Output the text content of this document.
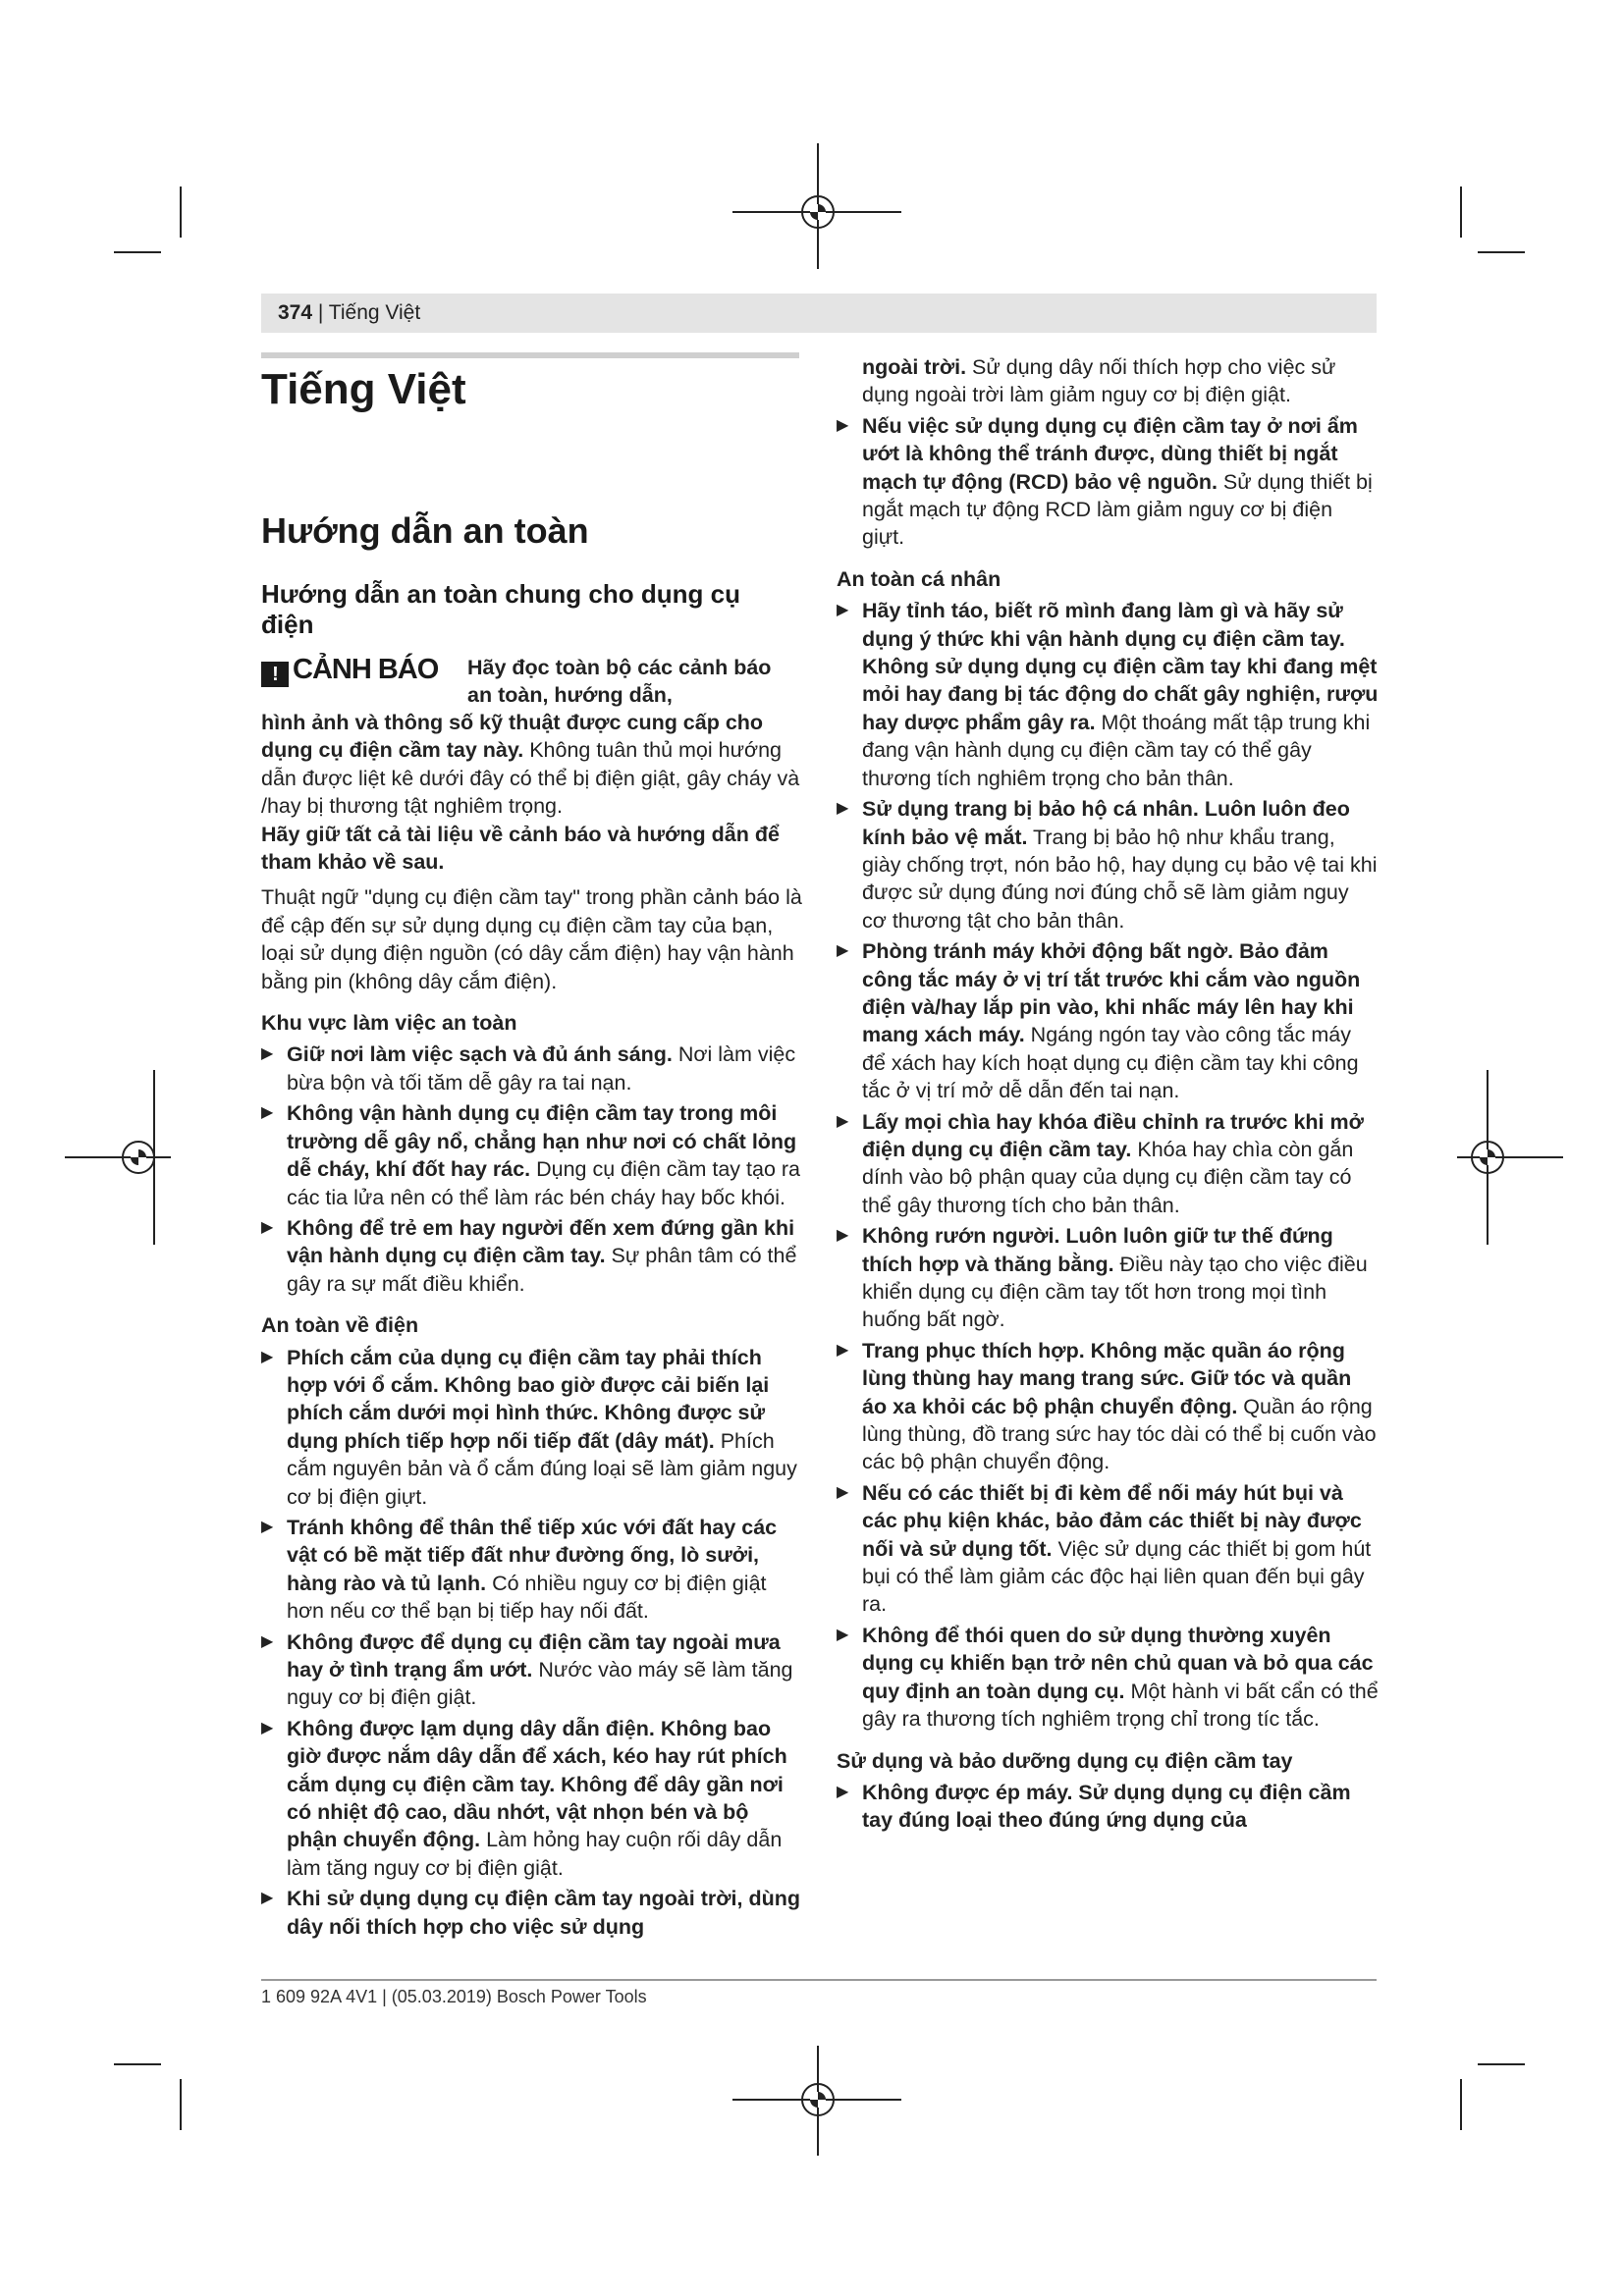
374 | Tiếng Việt
Tiếng Việt
Hướng dẫn an toàn
Hướng dẫn an toàn chung cho dụng cụ điện
! CẢNH BÁO Hãy đọc toàn bộ các cảnh báo an toàn, hướng dẫn,

hình ảnh và thông số kỹ thuật được cung cấp cho dụng cụ điện cầm tay này. Không tuân thủ mọi hướng dẫn được liệt kê dưới đây có thể bị điện giật, gây cháy và /hay bị thương tật nghiêm trọng.

Hãy giữ tất cả tài liệu về cảnh báo và hướng dẫn để tham khảo về sau.

Thuật ngữ "dụng cụ điện cầm tay" trong phần cảnh báo là để cập đến sự sử dụng dụng cụ điện cầm tay của bạn, loại sử dụng điện nguồn (có dây cắm điện) hay vận hành bằng pin (không dây cắm điện).

Khu vực làm việc an toàn

▶ Giữ nơi làm việc sạch và đủ ánh sáng. Nơi làm việc bừa bộn và tối tăm dễ gây ra tai nạn.
▶ Không vận hành dụng cụ điện cầm tay trong môi trường dễ gây nổ, chẳng hạn như nơi có chất lỏng dễ cháy, khí đốt hay rác. Dụng cụ điện cầm tay tạo ra các tia lửa nên có thể làm rác bén cháy hay bốc khói.
▶ Không để trẻ em hay người đến xem đứng gần khi vận hành dụng cụ điện cầm tay. Sự phân tâm có thể gây ra sự mất điều khiển.

An toàn về điện

▶ Phích cắm của dụng cụ điện cầm tay phải thích hợp với ổ cắm. Không bao giờ được cải biến lại phích cắm dưới mọi hình thức. Không được sử dụng phích tiếp hợp nối tiếp đất (dây mát). Phích cắm nguyên bản và ổ cắm đúng loại sẽ làm giảm nguy cơ bị điện giựt.
▶ Tránh không để thân thể tiếp xúc với đất hay các vật có bề mặt tiếp đất như đường ống, lò sưởi, hàng rào và tủ lạnh. Có nhiều nguy cơ bị điện giật hơn nếu cơ thể bạn bị tiếp hay nối đất.
▶ Không được để dụng cụ điện cầm tay ngoài mưa hay ở tình trạng ẩm ướt. Nước vào máy sẽ làm tăng nguy cơ bị điện giật.
▶ Không được lạm dụng dây dẫn điện. Không bao giờ được nắm dây dẫn để xách, kéo hay rút phích cắm dụng cụ điện cầm tay. Không để dây gần nơi có nhiệt độ cao, dầu nhớt, vật nhọn bén và bộ phận chuyển động. Làm hỏng hay cuộn rối dây dẫn làm tăng nguy cơ bị điện giật.
▶ Khi sử dụng dụng cụ điện cầm tay ngoài trời, dùng dây nối thích hợp cho việc sử dụng

ngoài trời. Sử dụng dây nối thích hợp cho việc sử dụng ngoài trời làm giảm nguy cơ bị điện giật.

▶ Nếu việc sử dụng dụng cụ điện cầm tay ở nơi ẩm ướt là không thể tránh được, dùng thiết bị ngắt mạch tự động (RCD) bảo vệ nguồn. Sử dụng thiết bị ngắt mạch tự động RCD làm giảm nguy cơ bị điện giựt.

An toàn cá nhân

▶ Hãy tỉnh táo, biết rõ mình đang làm gì và hãy sử dụng ý thức khi vận hành dụng cụ điện cầm tay. Không sử dụng dụng cụ điện cầm tay khi đang mệt mỏi hay đang bị tác động do chất gây nghiện, rượu hay dược phẩm gây ra. Một thoáng mất tập trung khi đang vận hành dụng cụ điện cầm tay có thể gây thương tích nghiêm trọng cho bản thân.
▶ Sử dụng trang bị bảo hộ cá nhân. Luôn luôn đeo kính bảo vệ mắt. Trang bị bảo hộ như khẩu trang, giày chống trợt, nón bảo hộ, hay dụng cụ bảo vệ tai khi được sử dụng đúng nơi đúng chỗ sẽ làm giảm nguy cơ thương tật cho bản thân.
▶ Phòng tránh máy khởi động bất ngờ. Bảo đảm công tắc máy ở vị trí tắt trước khi cắm vào nguồn điện và/hay lắp pin vào, khi nhấc máy lên hay khi mang xách máy. Ngáng ngón tay vào công tắc máy để xách hay kích hoạt dụng cụ điện cầm tay khi công tắc ở vị trí mở dễ dẫn đến tai nạn.
▶ Lấy mọi chìa hay khóa điều chỉnh ra trước khi mở điện dụng cụ điện cầm tay. Khóa hay chìa còn gắn dính vào bộ phận quay của dụng cụ điện cầm tay có thể gây thương tích cho bản thân.
▶ Không rướn người. Luôn luôn giữ tư thế đứng thích hợp và thăng bằng. Điều này tạo cho việc điều khiển dụng cụ điện cầm tay tốt hơn trong mọi tình huống bất ngờ.
▶ Trang phục thích hợp. Không mặc quần áo rộng lùng thùng hay mang trang sức. Giữ tóc và quần áo xa khỏi các bộ phận chuyển động. Quần áo rộng lùng thùng, đồ trang sức hay tóc dài có thể bị cuốn vào các bộ phận chuyển động.
▶ Nếu có các thiết bị đi kèm để nối máy hút bụi và các phụ kiện khác, bảo đảm các thiết bị này được nối và sử dụng tốt. Việc sử dụng các thiết bị gom hút bụi có thể làm giảm các độc hại liên quan đến bụi gây ra.
▶ Không để thói quen do sử dụng thường xuyên dụng cụ khiến bạn trở nên chủ quan và bỏ qua các quy định an toàn dụng cụ. Một hành vi bất cẩn có thể gây ra thương tích nghiêm trọng chỉ trong tíc tắc.

Sử dụng và bảo dưỡng dụng cụ điện cầm tay

▶ Không được ép máy. Sử dụng dụng cụ điện cầm tay đúng loại theo đúng ứng dụng của
1 609 92A 4V1 | (05.03.2019) Bosch Power Tools
